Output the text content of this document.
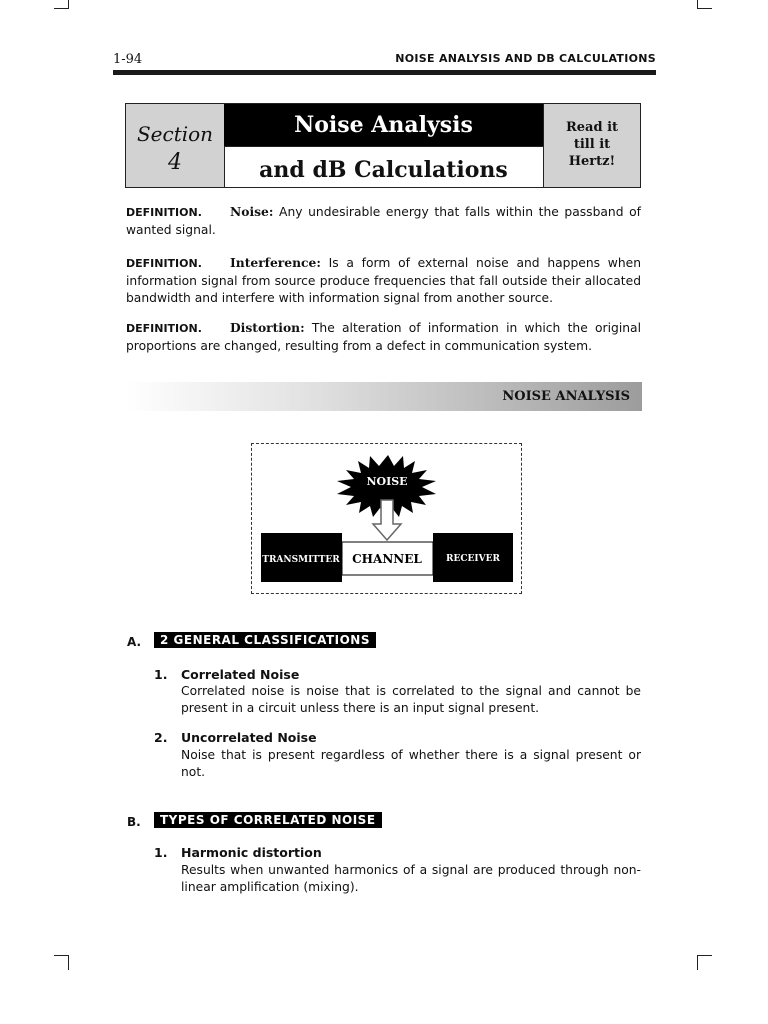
1-94	NOISE ANALYSIS AND DB CALCULATIONS
Section
4
Noise Analysis
and dB Calculations
Read it
till it
Hertz!
DEFINITION. Noise: Any undesirable energy that falls within the passband of wanted signal.
DEFINITION. Interference: Is a form of external noise and happens when information signal from source produce frequencies that fall outside their allocated bandwidth and interfere with information signal from another source.
DEFINITION. Distortion: The alteration of information in which the original proportions are changed, resulting from a defect in communication system.
NOISE ANALYSIS
NOISE
TRANSMITTER CHANNEL	RECEIVER
A.	2 GENERAL CLASSIFICATIONS
1. Correlated Noise
Correlated noise is noise that is correlated to the signal and cannot be present in a circuit unless there is an input signal present.
2. Uncorrelated Noise
Noise that is present regardless of whether there is a signal present or not.
B.	TYPES OF CORRELATED NOISE
1. Harmonic distortion
Results when unwanted harmonics of a signal are produced through non-linear amplification (mixing).
